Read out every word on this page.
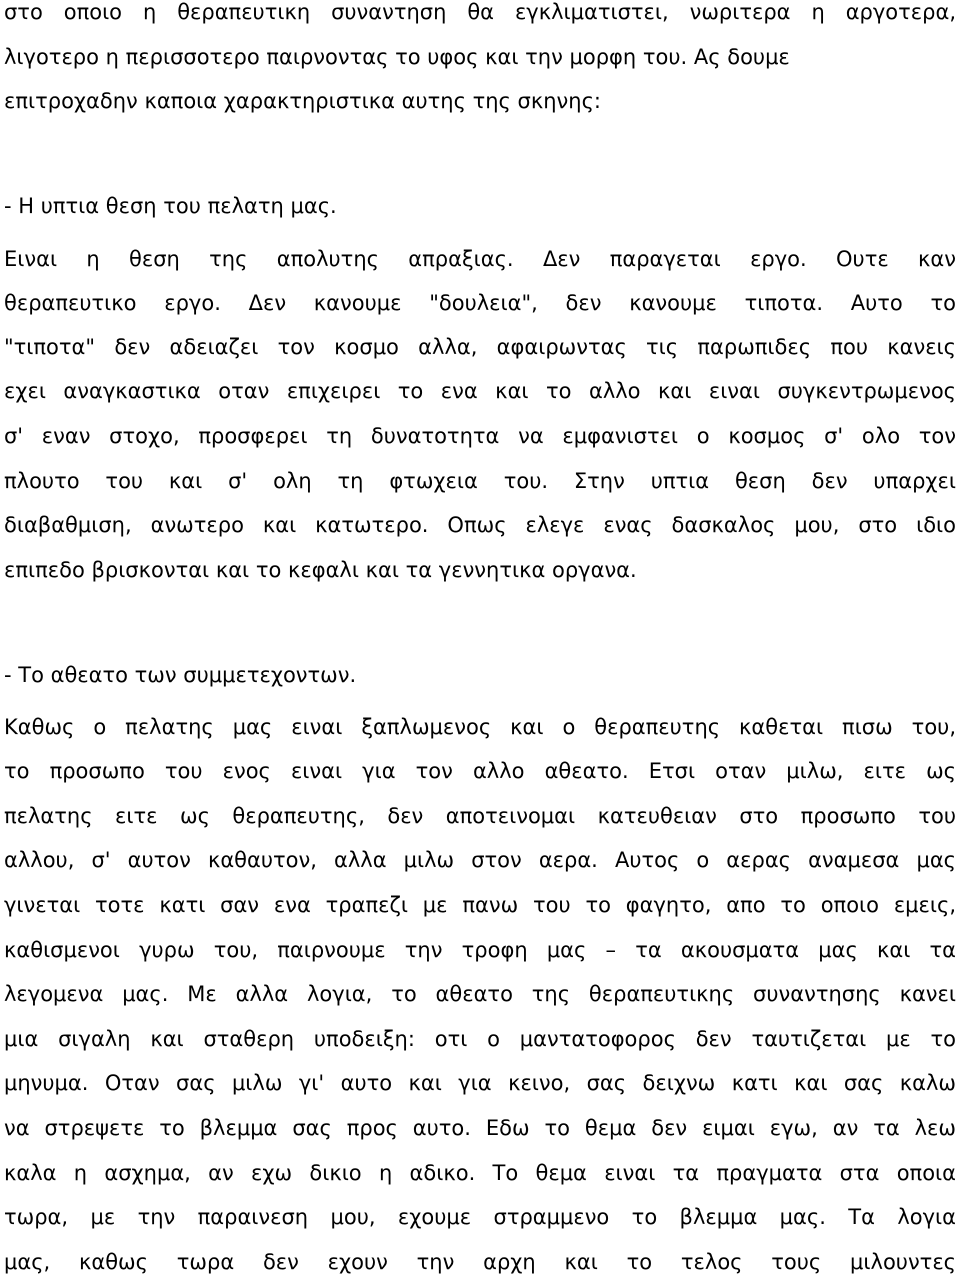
στο οποιο η θεραπευτικη συναντηση θα εγκλιματιστει, νωριτερα η αργοτερα,
λιγοτερο η περισσοτερο παιρνοντας το υφος και την μορφη του. Ας δουμε
επιτροχαδην καποια χαρακτηριστικα αυτης της σκηνης:
- Η υπτια θεση του πελατη μας.
Ειναι η θεση της απολυτης απραξιας. Δεν παραγεται εργο. Ουτε καν
θεραπευτικο εργο. Δεν κανουμε "δουλεια", δεν κανουμε τιποτα. Αυτο το
"τιποτα" δεν αδειαζει τον κοσμο αλλα, αφαιρωντας τις παρωπιδες που κανεις
εχει αναγκαστικα οταν επιχειρει το ενα και το αλλο και ειναι συγκεντρωμενος
σ' εναν στοχο, προσφερει τη δυνατοτητα να εμφανιστει ο κοσμος σ' ολο τον
πλουτο του και σ' ολη τη φτωχεια του. Στην υπτια θεση δεν υπαρχει
διαβαθμιση, ανωτερο και κατωτερο. Οπως ελεγε ενας δασκαλος μου, στο ιδιο
επιπεδο βρισκονται και το κεφαλι και τα γεννητικα οργανα.
- Το αθεατο των συμμετεχοντων.
Καθως ο πελατης μας ειναι ξαπλωμενος και ο θεραπευτης καθεται πισω του,
το προσωπο του ενος ειναι για τον αλλο αθεατο. Ετσι οταν μιλω, ειτε ως
πελατης ειτε ως θεραπευτης, δεν αποτεινομαι κατευθειαν στο προσωπο του
αλλου, σ' αυτον καθαυτον, αλλα μιλω στον αερα. Αυτος ο αερας αναμεσα μας
γινεται τοτε κατι σαν ενα τραπεζι με πανω του το φαγητο, απο το οποιο εμεις,
καθισμενοι γυρω του, παιρνουμε την τροφη μας – τα ακουσματα μας και τα
λεγομενα μας. Με αλλα λογια, το αθεατο της θεραπευτικης συναντησης κανει
μια σιγαλη και σταθερη υποδειξη: οτι ο μαντατοφορος δεν ταυτιζεται με το
μηνυμα. Οταν σας μιλω γι' αυτο και για κεινο, σας δειχνω κατι και σας καλω
να στρεψετε το βλεμμα σας προς αυτο. Εδω το θεμα δεν ειμαι εγω, αν τα λεω
καλα η ασχημα, αν εχω δικιο η αδικο. Το θεμα ειναι τα πραγματα στα οποια
τωρα, με την παραινεση μου, εχουμε στραμμενο το βλεμμα μας. Τα λογια
μας, καθως τωρα δεν εχουν την αρχη και το τελος τους μιλουντες
